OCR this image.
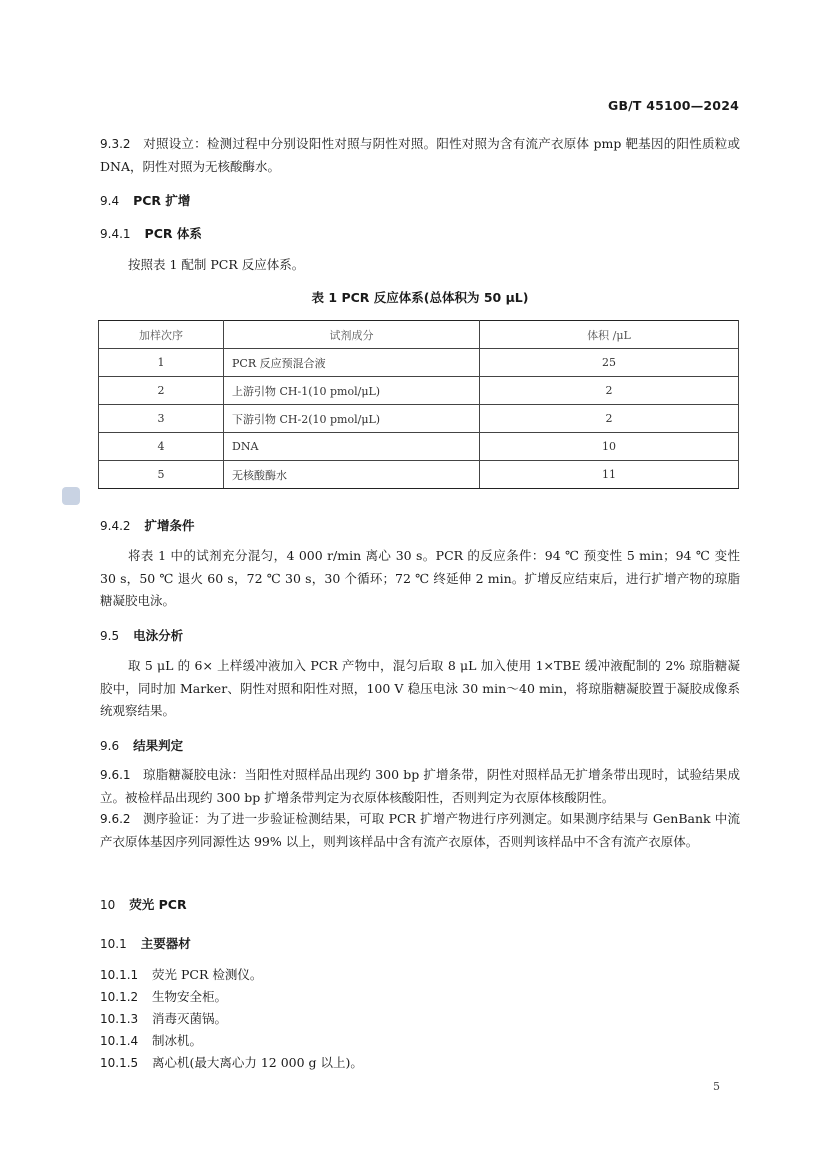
GB/T 45100—2024
9.3.2 对照设立：检测过程中分别设阳性对照与阴性对照。阳性对照为含有流产衣原体 pmp 靶基因的阳性质粒或 DNA，阴性对照为无核酸酶水。
9.4 PCR 扩增
9.4.1 PCR 体系
按照表 1 配制 PCR 反应体系。
表 1 PCR 反应体系(总体积为 50 μL)
加样次序	试剂成分	体积 /μL
1	PCR 反应预混合液	25
2	上游引物 CH-1(10 pmol/μL)	2
3	下游引物 CH-2(10 pmol/μL)	2
4	DNA	10
5	无核酸酶水	11
9.4.2 扩增条件
将表 1 中的试剂充分混匀，4 000 r/min 离心 30 s。PCR 的反应条件：94 ℃ 预变性 5 min；94 ℃ 变性 30 s，50 ℃ 退火 60 s，72 ℃ 30 s，30 个循环；72 ℃ 终延伸 2 min。扩增反应结束后，进行扩增产物的琼脂糖凝胶电泳。
9.5 电泳分析
取 5 μL 的 6× 上样缓冲液加入 PCR 产物中，混匀后取 8 μL 加入使用 1×TBE 缓冲液配制的 2% 琼脂糖凝胶中，同时加 Marker、阴性对照和阳性对照，100 V 稳压电泳 30 min～40 min，将琼脂糖凝胶置于凝胶成像系统观察结果。
9.6 结果判定
9.6.1 琼脂糖凝胶电泳：当阳性对照样品出现约 300 bp 扩增条带，阴性对照样品无扩增条带出现时，试验结果成立。被检样品出现约 300 bp 扩增条带判定为衣原体核酸阳性，否则判定为衣原体核酸阴性。
9.6.2 测序验证：为了进一步验证检测结果，可取 PCR 扩增产物进行序列测定。如果测序结果与 GenBank 中流产衣原体基因序列同源性达 99% 以上，则判该样品中含有流产衣原体，否则判该样品中不含有流产衣原体。
10 荧光 PCR
10.1 主要器材
10.1.1 荧光 PCR 检测仪。
10.1.2 生物安全柜。
10.1.3 消毒灭菌锅。
10.1.4 制冰机。
10.1.5 离心机(最大离心力 12 000 g 以上)。
5
